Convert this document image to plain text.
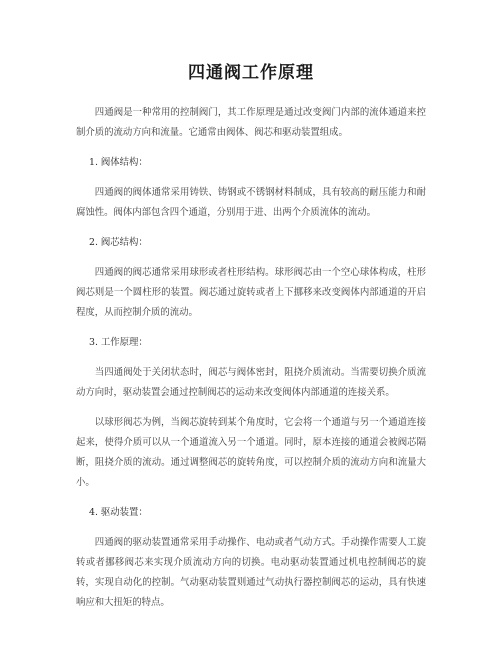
四通阀工作原理

四通阀是一种常用的控制阀门，其工作原理是通过改变阀门内部的流体通道来控制介质的流动方向和流量。它通常由阀体、阀芯和驱动装置组成。

1. 阀体结构：

四通阀的阀体通常采用铸铁、铸钢或不锈钢材料制成，具有较高的耐压能力和耐腐蚀性。阀体内部包含四个通道，分别用于进、出两个介质流体的流动。

2. 阀芯结构：

四通阀的阀芯通常采用球形或者柱形结构。球形阀芯由一个空心球体构成，柱形阀芯则是一个圆柱形的装置。阀芯通过旋转或者上下挪移来改变阀体内部通道的开启程度，从而控制介质的流动。

3. 工作原理：

当四通阀处于关闭状态时，阀芯与阀体密封，阻挠介质流动。当需要切换介质流动方向时，驱动装置会通过控制阀芯的运动来改变阀体内部通道的连接关系。

以球形阀芯为例，当阀芯旋转到某个角度时，它会将一个通道与另一个通道连接起来，使得介质可以从一个通道流入另一个通道。同时，原本连接的通道会被阀芯隔断，阻挠介质的流动。通过调整阀芯的旋转角度，可以控制介质的流动方向和流量大小。

4. 驱动装置：

四通阀的驱动装置通常采用手动操作、电动或者气动方式。手动操作需要人工旋转或者挪移阀芯来实现介质流动方向的切换。电动驱动装置通过机电控制阀芯的旋转，实现自动化的控制。气动驱动装置则通过气动执行器控制阀芯的运动，具有快速响应和大扭矩的特点。
